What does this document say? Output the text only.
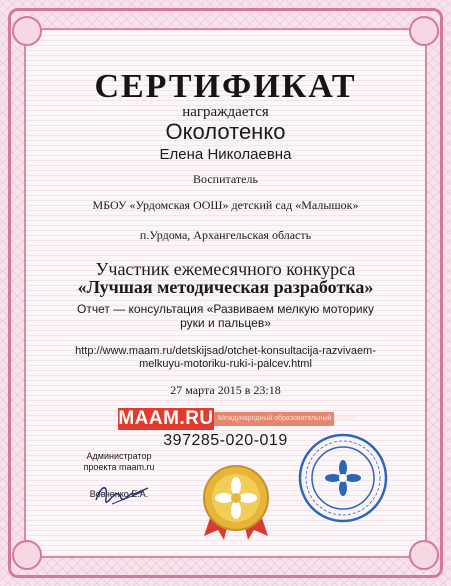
СЕРТИФИКАТ
награждается
Околотенко
Елена Николаевна
Воспитатель
МБОУ «Урдомская ООШ» детский сад «Малышок»
п.Урдома, Архангельская область
Участник ежемесячного конкурса
«Лучшая методическая разработка»
Отчет — консультация «Развиваем мелкую моторику руки и пальцев»
http://www.maam.ru/detskijsad/otchet-konsultacija-razvivaem-melkuyu-motoriku-ruki-i-palcev.html
27 марта 2015 в 23:18
MAAM.RU Международный образовательный портал
397285-020-019
Администратор
проекта maam.ru
Вовченко Е.А.
